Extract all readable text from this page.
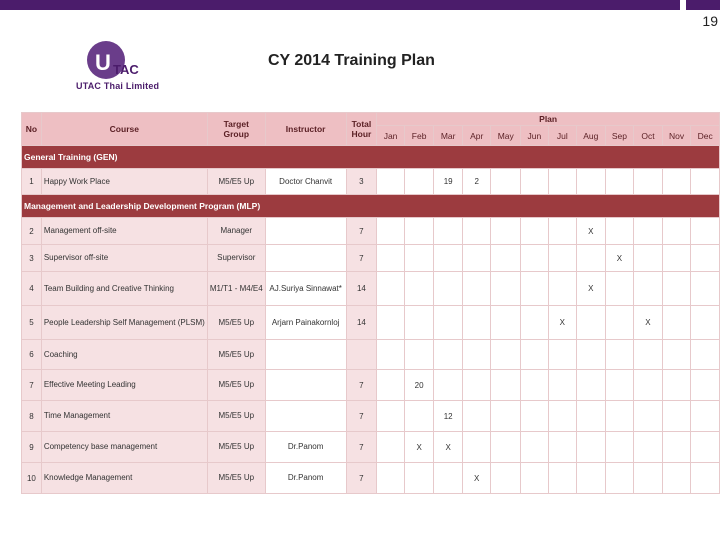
19
U TAC
UTAC Thai Limited
CY 2014 Training Plan
No	Course	Target Group	Instructor	Total Hour	Plan											
					Jan	Feb	Mar	Apr	May	Jun	Jul	Aug	Sep	Oct	Nov	Dec
General Training (GEN)																
1	Happy Work Place	M5/E5 Up	Doctor Chanvit	3			19	2								
Management and Leadership Development Program (MLP)																
2	Management off-site	Manager		7								X				
3	Supervisor off-site	Supervisor		7									X			
4	Team Building and Creative Thinking	M1/T1 - M4/E4	AJ.Suriya Sinnawat*	14								X				
5	People Leadership Self Management (PLSM)	M5/E5 Up	Arjarn Painakornloj	14							X			X		
6	Coaching	M5/E5 Up														
7	Effective Meeting Leading	M5/E5 Up		7		20										
8	Time Management	M5/E5 Up		7			12									
9	Competency base management	M5/E5 Up	Dr.Panom	7		X	X									
10	Knowledge Management	M5/E5 Up	Dr.Panom	7				X								
